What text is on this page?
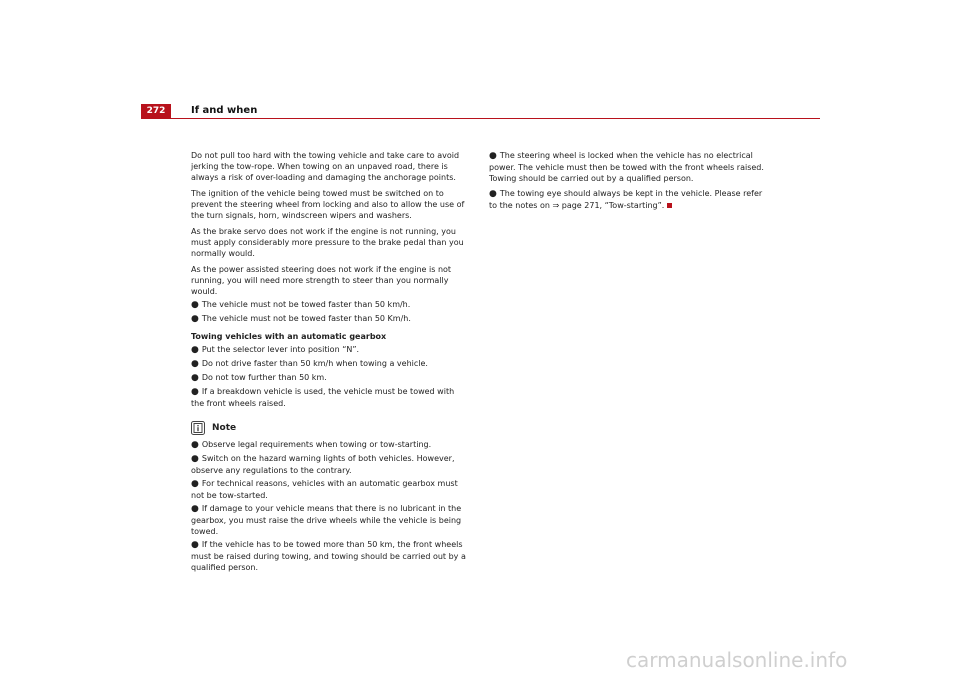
272	If and when

Do not pull too hard with the towing vehicle and take care to avoid jerking the tow-rope. When towing on an unpaved road, there is always a risk of over-loading and damaging the anchorage points.

The ignition of the vehicle being towed must be switched on to prevent the steering wheel from locking and also to allow the use of the turn signals, horn, windscreen wipers and washers.

As the brake servo does not work if the engine is not running, you must apply considerably more pressure to the brake pedal than you normally would.

As the power assisted steering does not work if the engine is not running, you will need more strength to steer than you normally would.

● The vehicle must not be towed faster than 50 km/h.
● The vehicle must not be towed faster than 50 Km/h.
Towing vehicles with an automatic gearbox
● Put the selector lever into position “N”.
● Do not drive faster than 50 km/h when towing a vehicle.
● Do not tow further than 50 km.
● If a breakdown vehicle is used, the vehicle must be towed with the front wheels raised.
Note
● Observe legal requirements when towing or tow-starting.
● Switch on the hazard warning lights of both vehicles. However, observe any regulations to the contrary.
● For technical reasons, vehicles with an automatic gearbox must not be tow-started.
● If damage to your vehicle means that there is no lubricant in the gearbox, you must raise the drive wheels while the vehicle is being towed.
● If the vehicle has to be towed more than 50 km, the front wheels must be raised during towing, and towing should be carried out by a qualified person.
● The steering wheel is locked when the vehicle has no electrical power. The vehicle must then be towed with the front wheels raised. Towing should be carried out by a qualified person.
● The towing eye should always be kept in the vehicle. Please refer to the notes on ⇒ page 271, “Tow-starting”.
carmanualsonline.info
